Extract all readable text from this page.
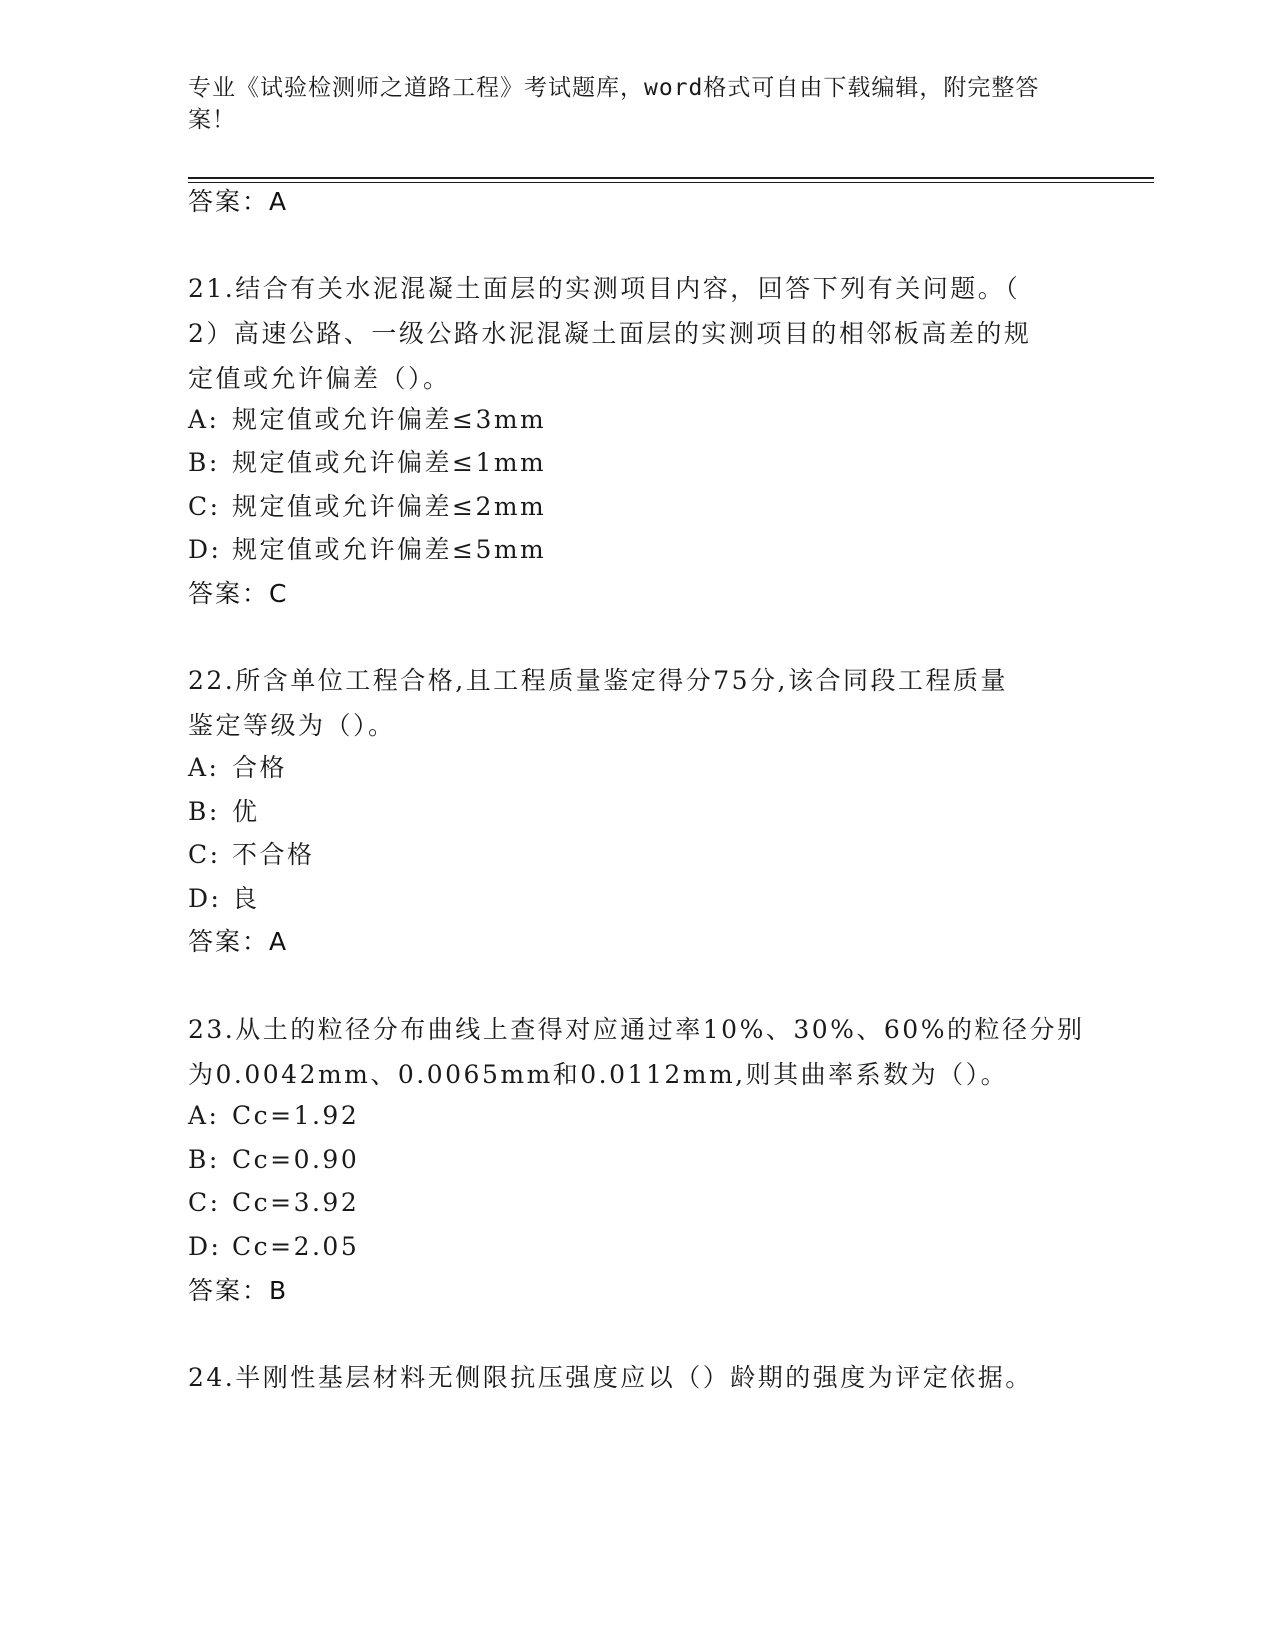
专业《试验检测师之道路工程》考试题库，word格式可自由下载编辑，附完整答
案！
答案：A
21.结合有关水泥混凝土面层的实测项目内容，回答下列有关问题。（
2）高速公路、一级公路水泥混凝土面层的实测项目的相邻板高差的规
定值或允许偏差（）。
A: 规定值或允许偏差≤3mm
B: 规定值或允许偏差≤1mm
C: 规定值或允许偏差≤2mm
D: 规定值或允许偏差≤5mm
答案：C
22.所含单位工程合格,且工程质量鉴定得分75分,该合同段工程质量
鉴定等级为（）。
A: 合格
B: 优
C: 不合格
D: 良
答案：A
23.从土的粒径分布曲线上查得对应通过率10%、30%、60%的粒径分别
为0.0042mm、0.0065mm和0.0112mm,则其曲率系数为（）。
A: Cc=1.92
B: Cc=0.90
C: Cc=3.92
D: Cc=2.05
答案：B
24.半刚性基层材料无侧限抗压强度应以（）龄期的强度为评定依据。
